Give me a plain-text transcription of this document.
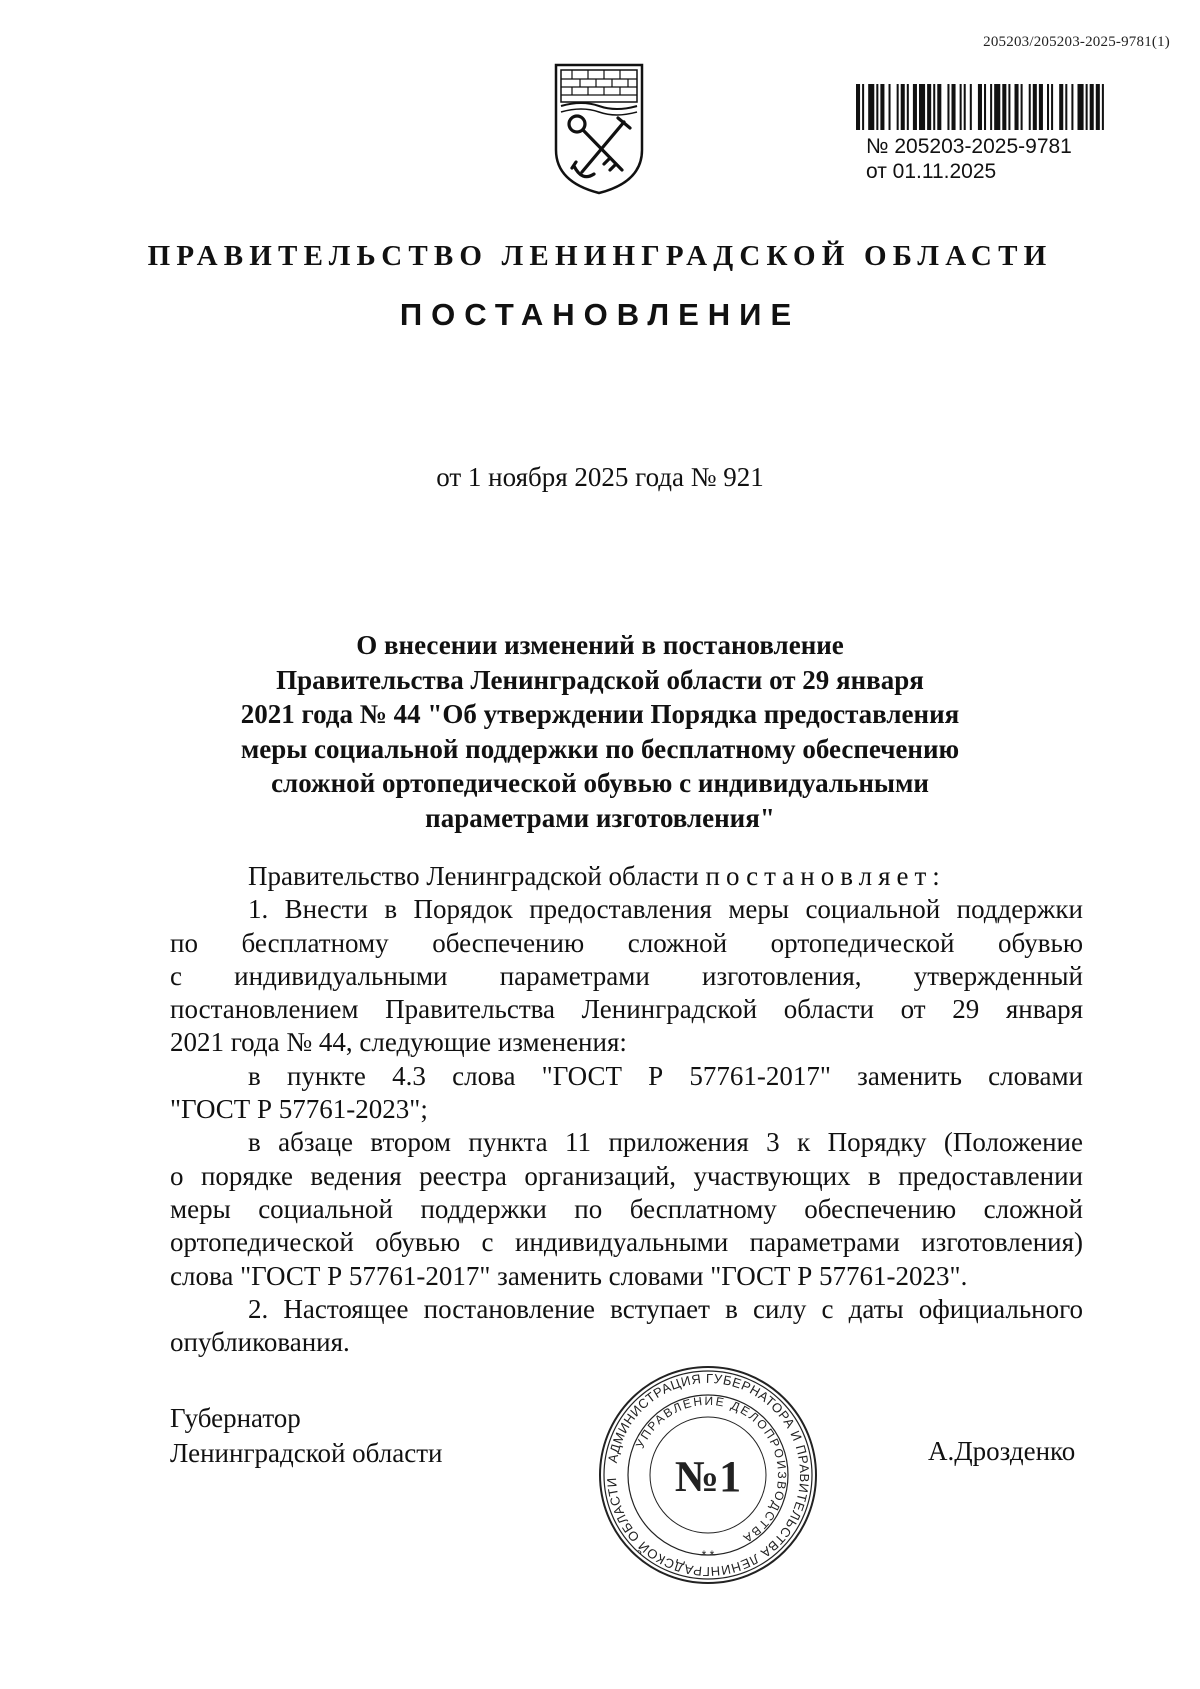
205203/205203-2025-9781(1)
№ 205203-2025-9781
от 01.11.2025
ПРАВИТЕЛЬСТВО ЛЕНИНГРАДСКОЙ ОБЛАСТИ
ПОСТАНОВЛЕНИЕ
от 1 ноября 2025 года № 921
О внесении изменений в постановление
Правительства Ленинградской области от 29 января
2021 года № 44 "Об утверждении Порядка предоставления
меры социальной поддержки по бесплатному обеспечению
сложной ортопедической обувью с индивидуальными
параметрами изготовления"
Правительство Ленинградской области постановляет:
1. Внести в Порядок предоставления меры социальной поддержки
по бесплатному обеспечению сложной ортопедической обувью
с индивидуальными параметрами изготовления, утвержденный
постановлением Правительства Ленинградской области от 29 января
2021 года № 44, следующие изменения:
в пункте 4.3 слова "ГОСТ Р 57761-2017" заменить словами
"ГОСТ Р 57761-2023";
в абзаце втором пункта 11 приложения 3 к Порядку (Положение
о порядке ведения реестра организаций, участвующих в предоставлении
меры социальной поддержки по бесплатному обеспечению сложной
ортопедической обувью с индивидуальными параметрами изготовления)
слова "ГОСТ Р 57761-2017" заменить словами "ГОСТ Р 57761-2023".
2. Настоящее постановление вступает в силу с даты официального
опубликования.
Губернатор
Ленинградской области	А.Дрозденко
АДМИНИСТРАЦИЯ ГУБЕРНАТОРА И ПРАВИТЕЛЬСТВА ЛЕНИНГРАДСКОЙ ОБЛАСТИ
УПРАВЛЕНИЕ ДЕЛОПРОИЗВОДСТВА
№1
* *
